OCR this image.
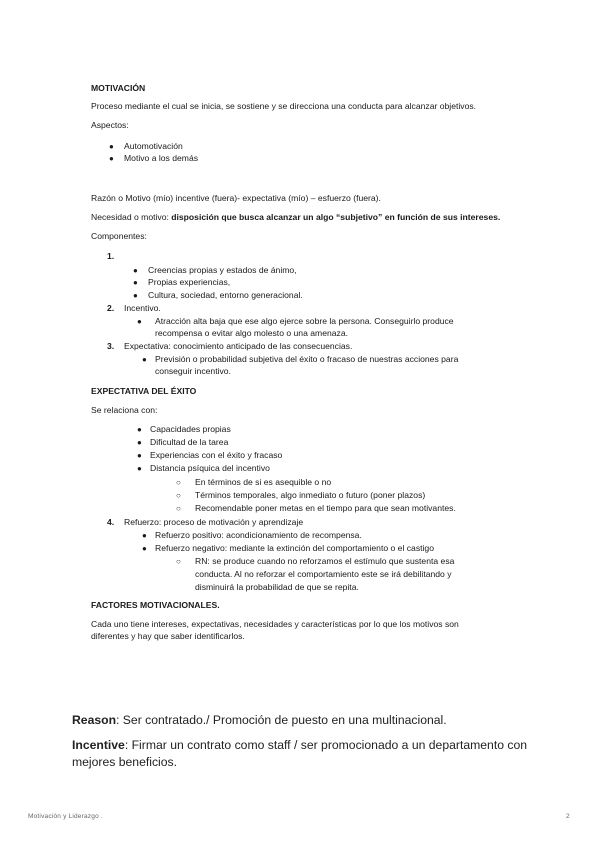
MOTIVACIÓN
Proceso mediante el cual se inicia, se sostiene y se direcciona una conducta para alcanzar objetivos.
Aspectos:
● Automotivación
● Motivo a los demás
Razón o Motivo (mío) incentive (fuera)- expectativa (mío) – esfuerzo (fuera).
Necesidad o motivo: disposición que busca alcanzar un algo “subjetivo” en función de sus intereses.
Componentes:
1.
● Creencias propias y estados de ánimo,
● Propias experiencias,
● Cultura, sociedad, entorno generacional.
2. Incentivo.
● Atracción alta baja que ese algo ejerce sobre la persona. Conseguirlo produce
recompensa o evitar algo molesto o una amenaza.
3. Expectativa: conocimiento anticipado de las consecuencias.
● Previsión o probabilidad subjetiva del éxito o fracaso de nuestras acciones para
conseguir incentivo.
EXPECTATIVA DEL ÉXITO
Se relaciona con:
● Capacidades propias
● Dificultad de la tarea
● Experiencias con el éxito y fracaso
● Distancia psíquica del incentivo
○ En términos de si es asequible o no
○ Términos temporales, algo inmediato o futuro (poner plazos)
○ Recomendable poner metas en el tiempo para que sean motivantes.
4. Refuerzo: proceso de motivación y aprendizaje
● Refuerzo positivo: acondicionamiento de recompensa.
● Refuerzo negativo: mediante la extinción del comportamiento o el castigo
○ RN: se produce cuando no reforzamos el estímulo que sustenta esa
conducta. Al no reforzar el comportamiento este se irá debilitando y
disminuirá la probabilidad de que se repita.
FACTORES MOTIVACIONALES.
Cada uno tiene intereses, expectativas, necesidades y características por lo que los motivos son
diferentes y hay que saber identificarlos.
Reason: Ser contratado./ Promoción de puesto en una multinacional.
Incentive: Firmar un contrato como staff / ser promocionado a un departamento con
mejores beneficios.
Motivación y Liderazgo .	2
